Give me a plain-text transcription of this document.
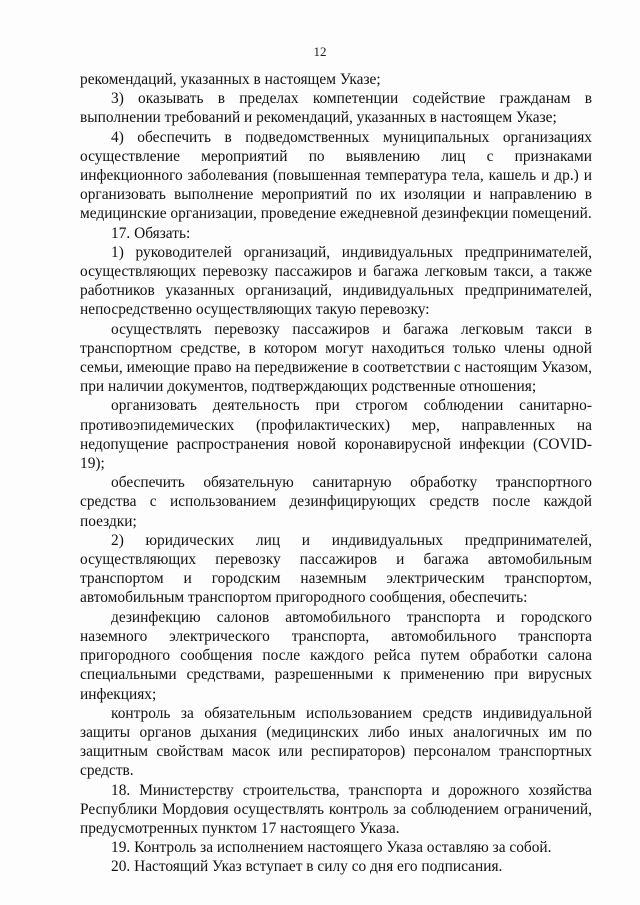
12

рекомендаций, указанных в настоящем Указе;

3) оказывать в пределах компетенции содействие гражданам в выполнении требований и рекомендаций, указанных в настоящем Указе;

4) обеспечить в подведомственных муниципальных организациях осуществление мероприятий по выявлению лиц с признаками инфекционного заболевания (повышенная температура тела, кашель и др.) и организовать выполнение мероприятий по их изоляции и направлению в медицинские организации, проведение ежедневной дезинфекции помещений.

17. Обязать:

1) руководителей организаций, индивидуальных предпринимателей, осуществляющих перевозку пассажиров и багажа легковым такси, а также работников указанных организаций, индивидуальных предпринимателей, непосредственно осуществляющих такую перевозку:

осуществлять перевозку пассажиров и багажа легковым такси в транспортном средстве, в котором могут находиться только члены одной семьи, имеющие право на передвижение в соответствии с настоящим Указом, при наличии документов, подтверждающих родственные отношения;

организовать деятельность при строгом соблюдении санитарно-противоэпидемических (профилактических) мер, направленных на недопущение распространения новой коронавирусной инфекции (COVID-19);

обеспечить обязательную санитарную обработку транспортного средства с использованием дезинфицирующих средств после каждой поездки;

2) юридических лиц и индивидуальных предпринимателей, осуществляющих перевозку пассажиров и багажа автомобильным транспортом и городским наземным электрическим транспортом, автомобильным транспортом пригородного сообщения, обеспечить:

дезинфекцию салонов автомобильного транспорта и городского наземного электрического транспорта, автомобильного транспорта пригородного сообщения после каждого рейса путем обработки салона специальными средствами, разрешенными к применению при вирусных инфекциях;

контроль за обязательным использованием средств индивидуальной защиты органов дыхания (медицинских либо иных аналогичных им по защитным свойствам масок или респираторов) персоналом транспортных средств.

18. Министерству строительства, транспорта и дорожного хозяйства Республики Мордовия осуществлять контроль за соблюдением ограничений, предусмотренных пунктом 17 настоящего Указа.

19. Контроль за исполнением настоящего Указа оставляю за собой.

20. Настоящий Указ вступает в силу со дня его подписания.
